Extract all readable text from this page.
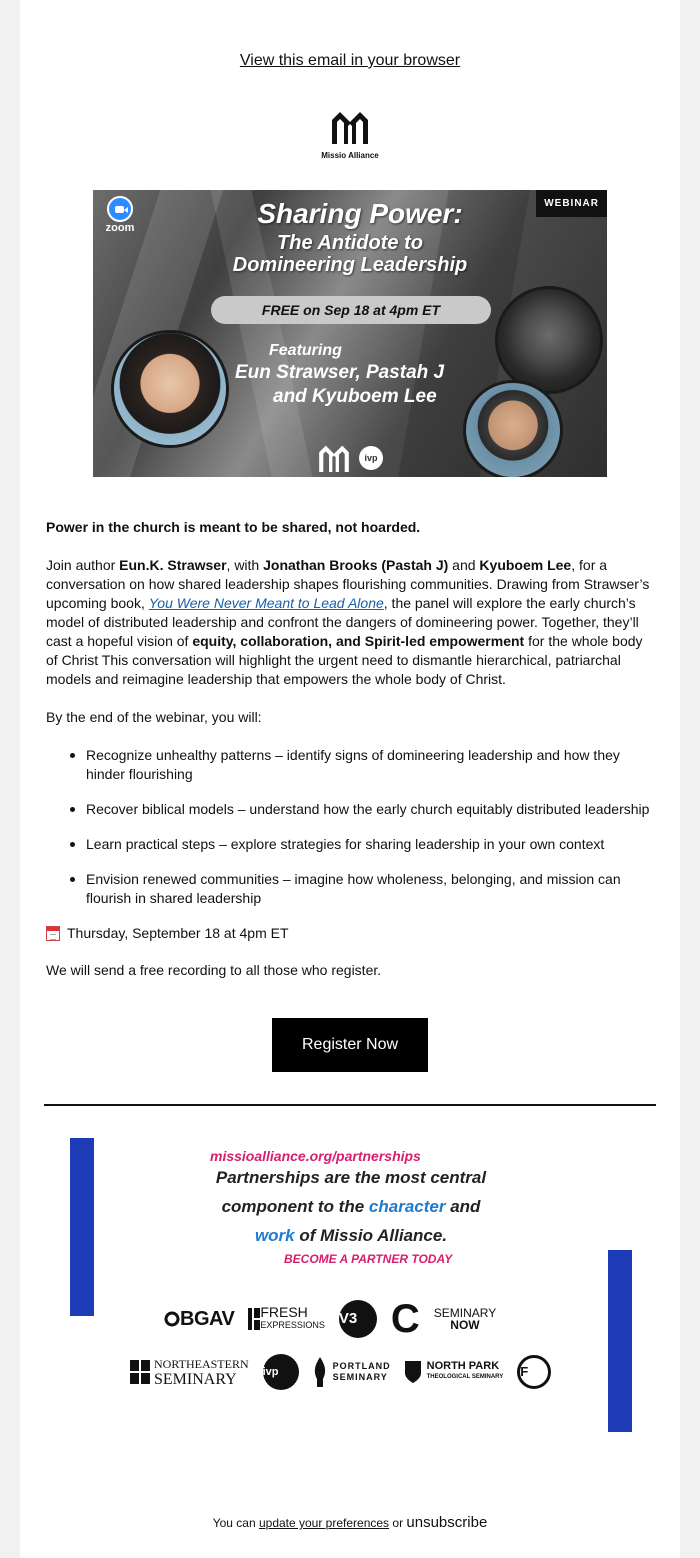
View this email in your browser
Missio Alliance
zoom
WEBINAR
Sharing Power:
The Antidote to
Domineering Leadership
FREE on Sep 18 at 4pm ET
Featuring
Eun Strawser, Pastah J
and Kyuboem Lee
ivp

Power in the church is meant to be shared, not hoarded.

Join author Eun.K. Strawser, with Jonathan Brooks (Pastah J) and Kyuboem Lee, for a conversation on how shared leadership shapes flourishing communities. Drawing from Strawser’s upcoming book, You Were Never Meant to Lead Alone, the panel will explore the early church’s model of distributed leadership and confront the dangers of domineering power. Together, they’ll cast a hopeful vision of equity, collaboration, and Spirit-led empowerment for the whole body of Christ This conversation will highlight the urgent need to dismantle hierarchical, patriarchal models and reimagine leadership that empowers the whole body of Christ.

By the end of the webinar, you will:

Recognize unhealthy patterns – identify signs of domineering leadership and how they hinder flourishing
Recover biblical models – understand how the early church equitably distributed leadership
Learn practical steps – explore strategies for sharing leadership in your own context
Envision renewed communities – imagine how wholeness, belonging, and mission can flourish in shared leadership
Thursday, September 18 at 4pm ET

We will send a free recording to all those who register.

Register Now
missioalliance.org/partnerships
Partnerships are the most central
component to the character and
work of Missio Alliance.
BECOME A PARTNER TODAY
BGAV FRESH
EXPRESSIONS V3 C SEMINARY
NOW
NORTHEASTERN
SEMINARY	ivp	PORTLAND
SEMINARY
NORTH PARK
THEOLOGICAL SEMINARY F
You can update your preferences or unsubscribe
